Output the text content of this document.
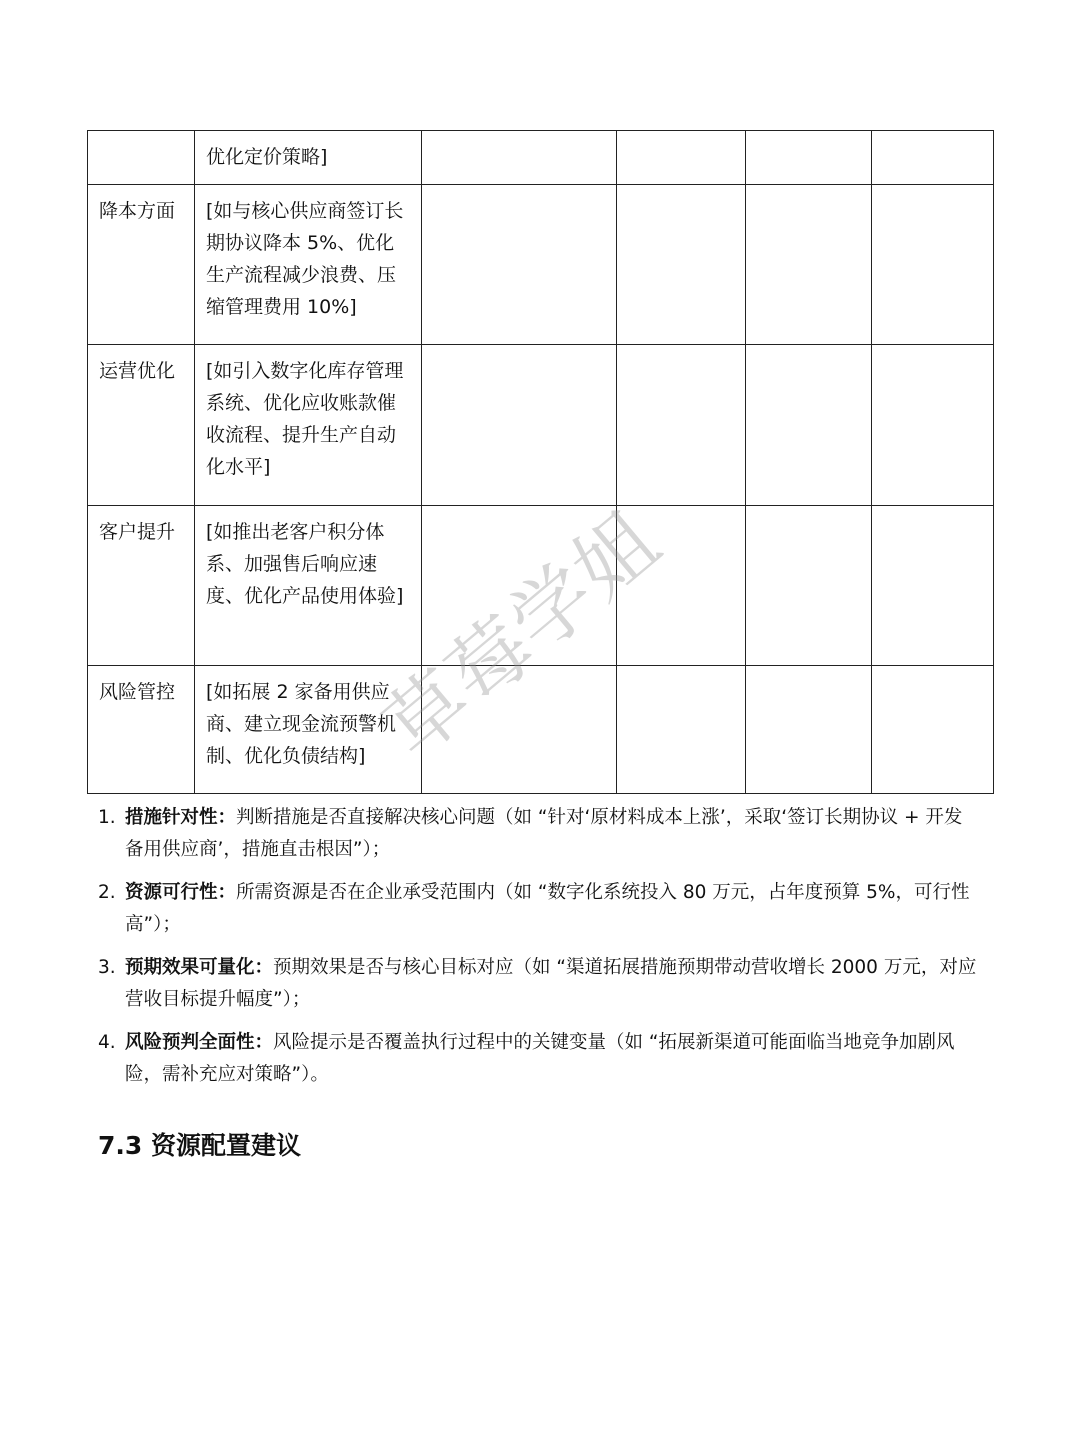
	优化定价策略]				
降本方面	[如与核心供应商签订长期协议降本 5%、优化生产流程减少浪费、压缩管理费用 10%]				
运营优化	[如引入数字化库存管理系统、优化应收账款催收流程、提升生产自动化水平]				
客户提升	[如推出老客户积分体系、加强售后响应速度、优化产品使用体验]				
风险管控	[如拓展 2 家备用供应商、建立现金流预警机制、优化负债结构]				
1. 措施针对性：判断措施是否直接解决核心问题（如 “针对‘原材料成本上涨’，采取‘签订长期协议 + 开发备用供应商’，措施直击根因”）；
2. 资源可行性：所需资源是否在企业承受范围内（如 “数字化系统投入 80 万元，占年度预算 5%，可行性高”）；
3. 预期效果可量化：预期效果是否与核心目标对应（如 “渠道拓展措施预期带动营收增长 2000 万元，对应营收目标提升幅度”）；
4. 风险预判全面性：风险提示是否覆盖执行过程中的关键变量（如 “拓展新渠道可能面临当地竞争加剧风险，需补充应对策略”）。
7.3 资源配置建议
草莓学姐
